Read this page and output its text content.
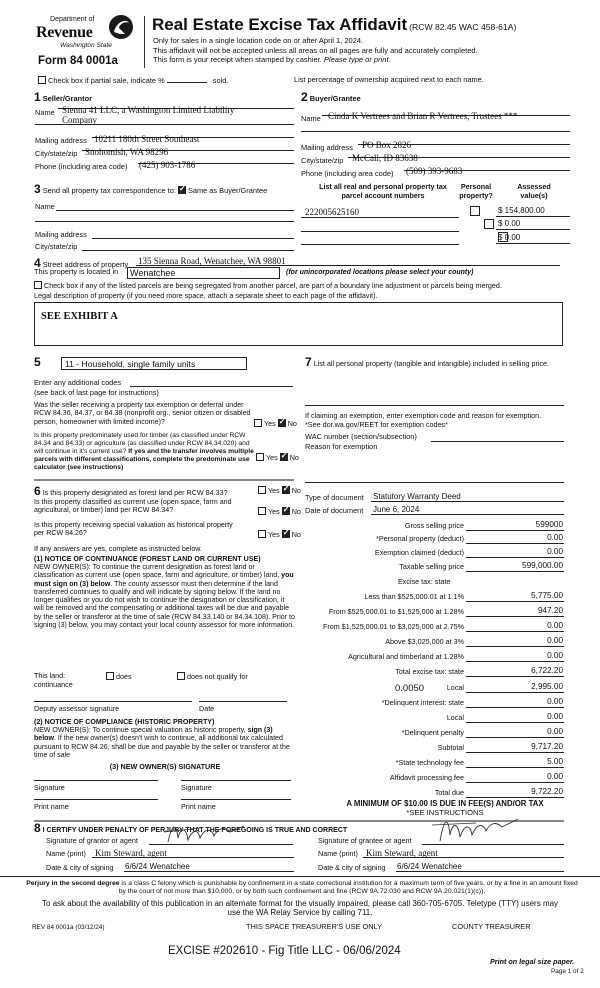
Department of
Revenue
Washington State
Form 84 0001a
Real Estate Excise Tax Affidavit (RCW 82.45 WAC 458-61A)
Only for sales in a single location code on or after April 1, 2024.
This affidavit will not be accepted unless all areas on all pages are fully and accurately completed.
This form is your receipt when stamped by cashier. Please type or print.
Check box if partial sale, indicate %	sold.	List percentage of ownership acquired next to each name.
1 Seller/Grantor
Name Sienna 41 LLC, a Washington Limited Liability
Company
Mailing address 10211 180th Street Southeast
City/state/zip Snohomish, WA 98296
Phone (including area code) (425) 903-1786
2 Buyer/Grantee
Name Cinda K Vertrees and Brian R Vertrees, Trustees ***
Mailing address PO Box 2826
City/state/zip McCall, ID 83638
Phone (including area code) (509) 393-9683
List all real and personal property tax parcel account numbers
Personal property?
Assessed value(s)
222005625160
	$ 154,800.00

$ 0.00
$ 0.00
3 Send all property tax correspondence to: ✓ Same as Buyer/Grantee
Name
Mailing address
City/state/zip
4 Street address of property 135 Sienna Road, Wenatchee, WA 98801
This property is located in	Wenatchee	(for unincorporated locations please select your county)
Check box if any of the listed parcels are being segregated from another parcel, are part of a boundary line adjustment or parcels being merged.
Legal description of property (if you need more space, attach a separate sheet to each page of the affidavit).
SEE EXHIBIT A
5	11 - Household, single family units
Enter any additional codes
(see back of last page for instructions)
Was the seller receiving a property tax exemption or deferral under RCW 84.36, 84.37, or 84.38 (nonprofit org., senior citizen or disabled person, homeowner with limited income)?	Yes ✓ No
Is this property predominately used for timber (as classified under RCW 84.34 and 84.33) or agriculture (as classified under RCW 84.34.020) and will continue in it's current use? If yes and the transfer involves multiple parcels with different classifications, complete the predominate use calculator (see instructions)
Yes ✓ No
7 List all personal property (tangible and intangible) included in selling price.
If claiming an exemption, enter exemption code and reason for exemption. *See dor.wa.gov/REET for exemption codes*
WAC number (section/subsection)
Reason for exemption
Type of document Statutory Warranty Deed
Date of document June 6, 2024
Gross selling price	599000
*Personal property (deduct)	0.00
Exemption claimed (deduct)	0.00
Taxable selling price	599,000.00
Excise tax: state
Less than $525,000.01 at 1.1%	5,775.00
From $525,000.01 to $1,525,000 at 1.28%	947.20
From $1,525,000.01 to $3,025,000 at 2.75%	0.00
Above $3,025,000 at 3%	0.00
Agricultural and timberland at 1.28%	0.00
Total excise tax: state	6,722.20
0.0050	Local	2,995.00
*Delinquent interest: state	0.00
Local	0.00
*Delinquent penalty	0.00
Subtotal	9,717.20
*State technology fee	5.00
Affidavit processing fee	0.00
Total due	9,722.20
A MINIMUM OF $10.00 IS DUE IN FEE(S) AND/OR TAX
*SEE INSTRUCTIONS
6 Is this property designated as forest land per RCW 84.33?	Yes ✓ No
Is this property classified as current use (open space, farm and agricultural, or timber) land per RCW 84.34?	Yes ✓ No
Is this property receiving special valuation as historical property per RCW 84.26?	Yes ✓ No
If any answers are yes, complete as instructed below.
(1) NOTICE OF CONTINUANCE (FOREST LAND OR CURRENT USE)
NEW OWNER(S): To continue the current designation as forest land or classification as current use (open space, farm and agriculture, or timber) land, you must sign on (3) below. The county assessor must then determine if the land transferred continues to qualify and will indicate by signing below. If the land no longer qualifies or you do not wish to continue the designation or classification, it will be removed and the compensating or additional taxes will be due and payable by the seller or transferor at the time of sale (RCW 84.33.140 or 84.34.108). Prior to signing (3) below, you may contact your local county assessor for more information.
This land:
continuance
does	does not qualify for
Deputy assessor signature	Date
(2) NOTICE OF COMPLIANCE (HISTORIC PROPERTY)
NEW OWNER(S): To continue special valuation as historic property, sign (3) below. If the new owner(s) doesn't wish to continue, all additional tax calculated pursuant to RCW 84.26, shall be due and payable by the seller or transferor at the time of sale
(3) NEW OWNER(S) SIGNATURE
Signature	Signature
Print name	Print name
8 I CERTIFY UNDER PENALTY OF PERJURY THAT THE FOREGOING IS TRUE AND CORRECT
Signature of grantor or agent
Name (print) Kim Steward, agent
Date & city of signing 6/6/24 Wenatchee
Signature of grantee or agent
Name (print) Kim Steward, agent
Date & city of signing 6/6/24 Wenatchee
Perjury in the second degree is a class C felony which is punishable by confinement in a state correctional institution for a maximum term of five years, or by a fine in an amount fixed by the court of not more than $10,000, or by both such confinement and fine (RCW 9A.72.030 and RCW 9A.20.021(1)(c)).
To ask about the availability of this publication in an alternate format for the visually impaired, please call 360-705-6705. Teletype (TTY) users may use the WA Relay Service by calling 711.
REV 84 0001a (03/12/24)	THIS SPACE TREASURER'S USE ONLY	COUNTY TREASURER
EXCISE #202610 - Fig Title LLC - 06/06/2024
Print on legal size paper.
Page 1 of 2
